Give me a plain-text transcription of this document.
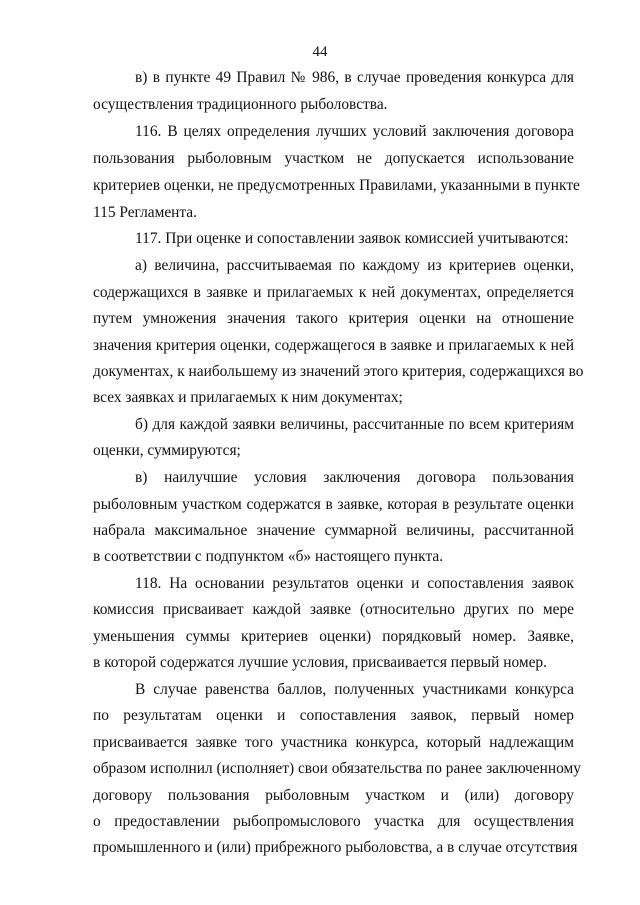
44
в) в пункте 49 Правил № 986, в случае проведения конкурса для
осуществления традиционного рыболовства.
116. В целях определения лучших условий заключения договора
пользования рыболовным участком не допускается использование
критериев оценки, не предусмотренных Правилами, указанными в пункте
115 Регламента.
117. При оценке и сопоставлении заявок комиссией учитываются:
а) величина, рассчитываемая по каждому из критериев оценки,
содержащихся в заявке и прилагаемых к ней документах, определяется
путем умножения значения такого критерия оценки на отношение
значения критерия оценки, содержащегося в заявке и прилагаемых к ней
документах, к наибольшему из значений этого критерия, содержащихся во
всех заявках и прилагаемых к ним документах;
б) для каждой заявки величины, рассчитанные по всем критериям
оценки, суммируются;
в) наилучшие условия заключения договора пользования
рыболовным участком содержатся в заявке, которая в результате оценки
набрала максимальное значение суммарной величины, рассчитанной
в соответствии с подпунктом «б» настоящего пункта.
118. На основании результатов оценки и сопоставления заявок
комиссия присваивает каждой заявке (относительно других по мере
уменьшения суммы критериев оценки) порядковый номер. Заявке,
в которой содержатся лучшие условия, присваивается первый номер.
В случае равенства баллов, полученных участниками конкурса
по результатам оценки и сопоставления заявок, первый номер
присваивается заявке того участника конкурса, который надлежащим
образом исполнил (исполняет) свои обязательства по ранее заключенному
договору пользования рыболовным участком и (или) договору
о предоставлении рыбопромыслового участка для осуществления
промышленного и (или) прибрежного рыболовства, а в случае отсутствия
